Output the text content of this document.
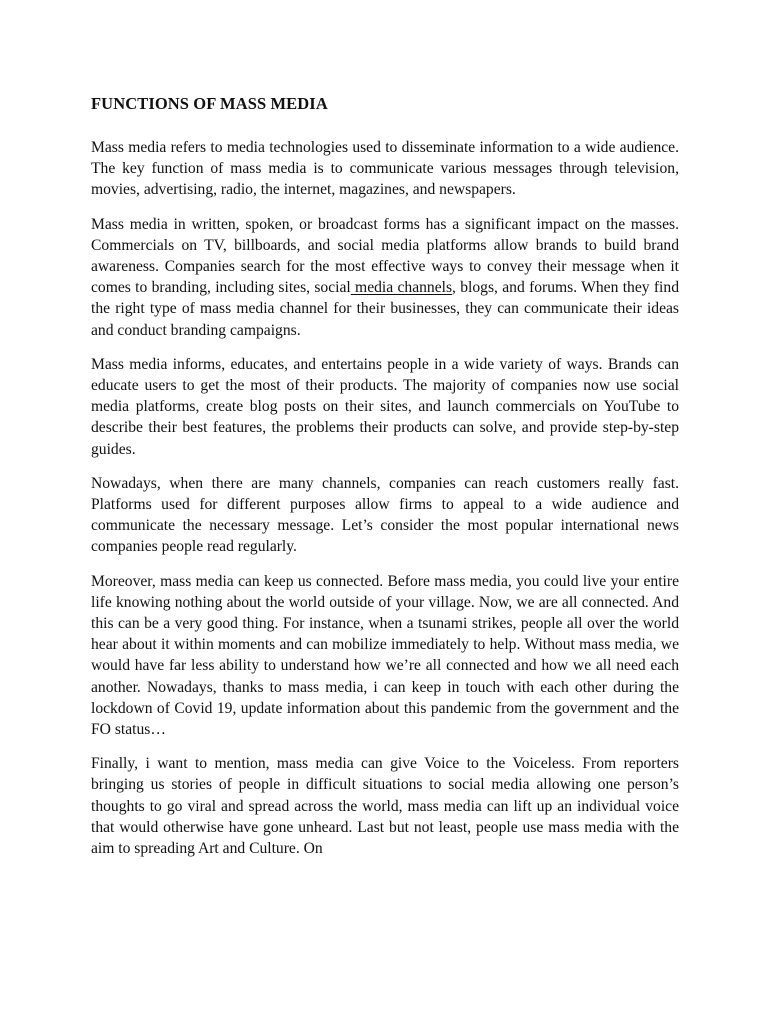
FUNCTIONS OF MASS MEDIA

Mass media refers to media technologies used to disseminate information to a wide audience. The key function of mass media is to communicate various messages through television, movies, advertising, radio, the internet, magazines, and newspapers.

Mass media in written, spoken, or broadcast forms has a significant impact on the masses. Commercials on TV, billboards, and social media platforms allow brands to build brand awareness. Companies search for the most effective ways to convey their message when it comes to branding, including sites, social media channels, blogs, and forums. When they find the right type of mass media channel for their businesses, they can communicate their ideas and conduct branding campaigns.

Mass media informs, educates, and entertains people in a wide variety of ways. Brands can educate users to get the most of their products. The majority of companies now use social media platforms, create blog posts on their sites, and launch commercials on YouTube to describe their best features, the problems their products can solve, and provide step-by-step guides.

Nowadays, when there are many channels, companies can reach customers really fast. Platforms used for different purposes allow firms to appeal to a wide audience and communicate the necessary message. Let’s consider the most popular international news companies people read regularly.

Moreover, mass media can keep us connected. Before mass media, you could live your entire life knowing nothing about the world outside of your village. Now, we are all connected. And this can be a very good thing. For instance, when a tsunami strikes, people all over the world hear about it within moments and can mobilize immediately to help. Without mass media, we would have far less ability to understand how we’re all connected and how we all need each another. Nowadays, thanks to mass media, i can keep in touch with each other during the lockdown of Covid 19, update information about this pandemic from the government and the FO status…

Finally, i want to mention, mass media can give Voice to the Voiceless. From reporters bringing us stories of people in difficult situations to social media allowing one person’s thoughts to go viral and spread across the world, mass media can lift up an individual voice that would otherwise have gone unheard. Last but not least, people use mass media with the aim to spreading Art and Culture. On
